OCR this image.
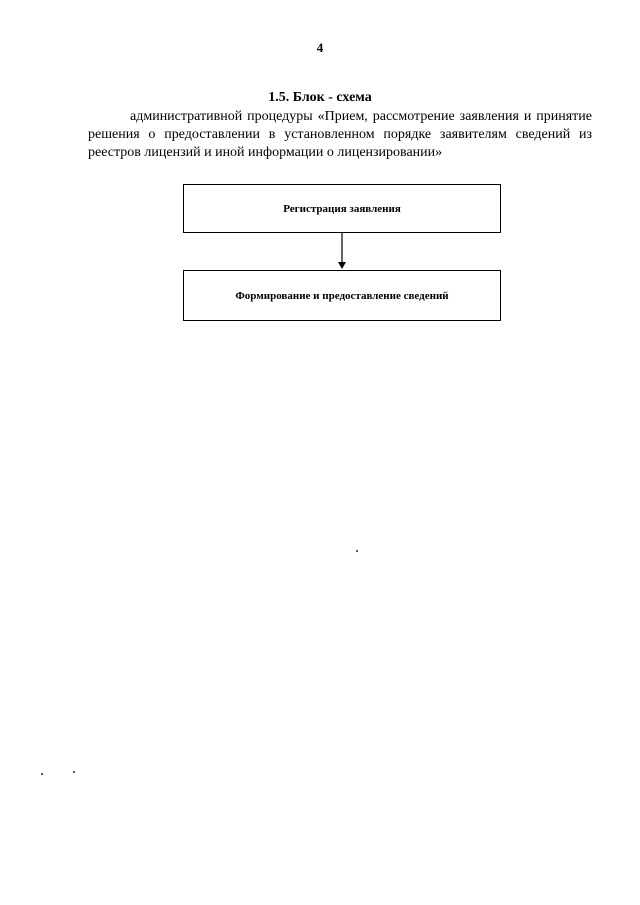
4
1.5. Блок - схема
административной процедуры «Прием, рассмотрение заявления и принятие решения о предоставлении в установленном порядке заявителям сведений из реестров лицензий и иной информации о лицензировании»
Регистрация заявления
Формирование и предоставление сведений
